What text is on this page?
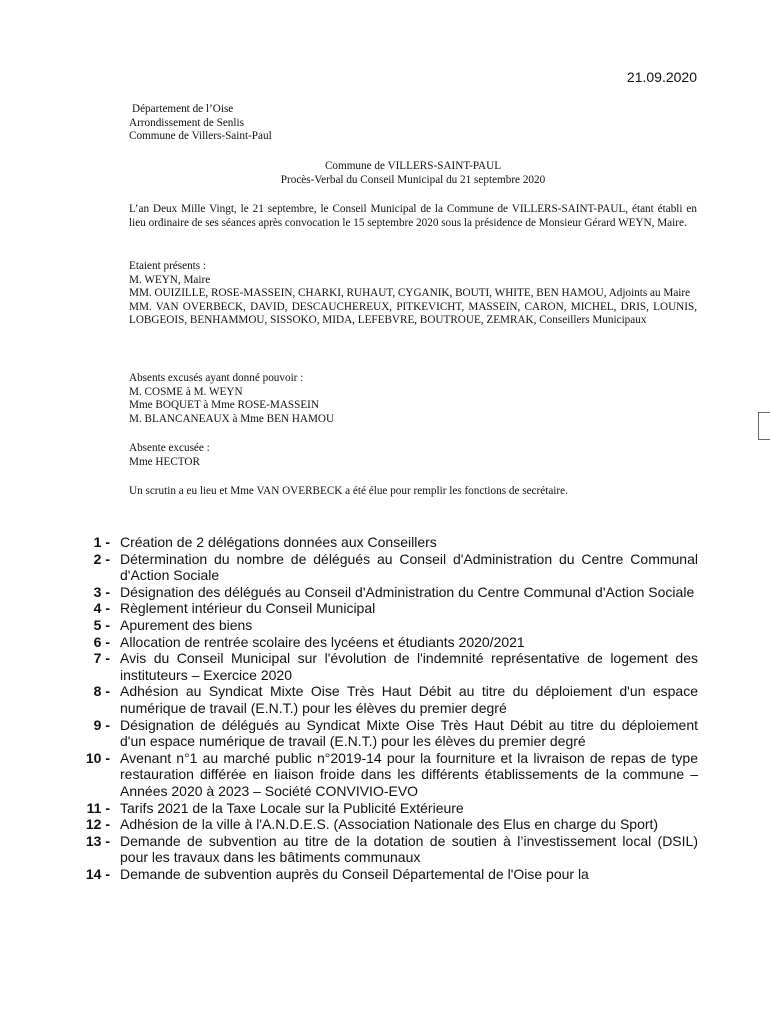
21.09.2020
Département de l’Oise
Arrondissement de Senlis
Commune de Villers-Saint-Paul
Commune de VILLERS-SAINT-PAUL
Procès-Verbal du Conseil Municipal du 21 septembre 2020
L’an Deux Mille Vingt, le 21 septembre, le Conseil Municipal de la Commune de VILLERS-SAINT-PAUL, étant établi en lieu ordinaire de ses séances après convocation le 15 septembre 2020 sous la présidence de Monsieur Gérard WEYN, Maire.
Etaient présents :
M. WEYN, Maire
MM. OUIZILLE, ROSE-MASSEIN, CHARKI, RUHAUT, CYGANIK, BOUTI, WHITE, BEN HAMOU, Adjoints au Maire
MM. VAN OVERBECK, DAVID, DESCAUCHEREUX, PITKEVICHT, MASSEIN, CARON, MICHEL, DRIS, LOUNIS, LOBGEOIS, BENHAMMOU, SISSOKO, MIDA, LEFEBVRE, BOUTROUE, ZEMRAK, Conseillers Municipaux
Absents excusés ayant donné pouvoir :
M. COSME à M. WEYN
Mme BOQUET à Mme ROSE-MASSEIN
M. BLANCANEAUX à Mme BEN HAMOU
Absente excusée :
Mme HECTOR
Un scrutin a eu lieu et Mme VAN OVERBECK a été élue pour remplir les fonctions de secrétaire.
1 - Création de 2 délégations données aux Conseillers
2 - Détermination du nombre de délégués au Conseil d'Administration du Centre Communal d'Action Sociale
3 - Désignation des délégués au Conseil d'Administration du Centre Communal d'Action Sociale
4 - Règlement intérieur du Conseil Municipal
5 - Apurement des biens
6 - Allocation de rentrée scolaire des lycéens et étudiants 2020/2021
7 - Avis du Conseil Municipal sur l'évolution de l'indemnité représentative de logement des instituteurs – Exercice 2020
8 - Adhésion au Syndicat Mixte Oise Très Haut Débit au titre du déploiement d'un espace numérique de travail (E.N.T.) pour les élèves du premier degré
9 - Désignation de délégués au Syndicat Mixte Oise Très Haut Débit au titre du déploiement d'un espace numérique de travail (E.N.T.) pour les élèves du premier degré
10 - Avenant n°1 au marché public n°2019-14 pour la fourniture et la livraison de repas de type restauration différée en liaison froide dans les différents établissements de la commune – Années 2020 à 2023 – Société CONVIVIO-EVO
11 - Tarifs 2021 de la Taxe Locale sur la Publicité Extérieure
12 - Adhésion de la ville à l'A.N.D.E.S. (Association Nationale des Elus en charge du Sport)
13 - Demande de subvention au titre de la dotation de soutien à l’investissement local (DSIL) pour les travaux dans les bâtiments communaux
14 - Demande de subvention auprès du Conseil Départemental de l'Oise pour la
